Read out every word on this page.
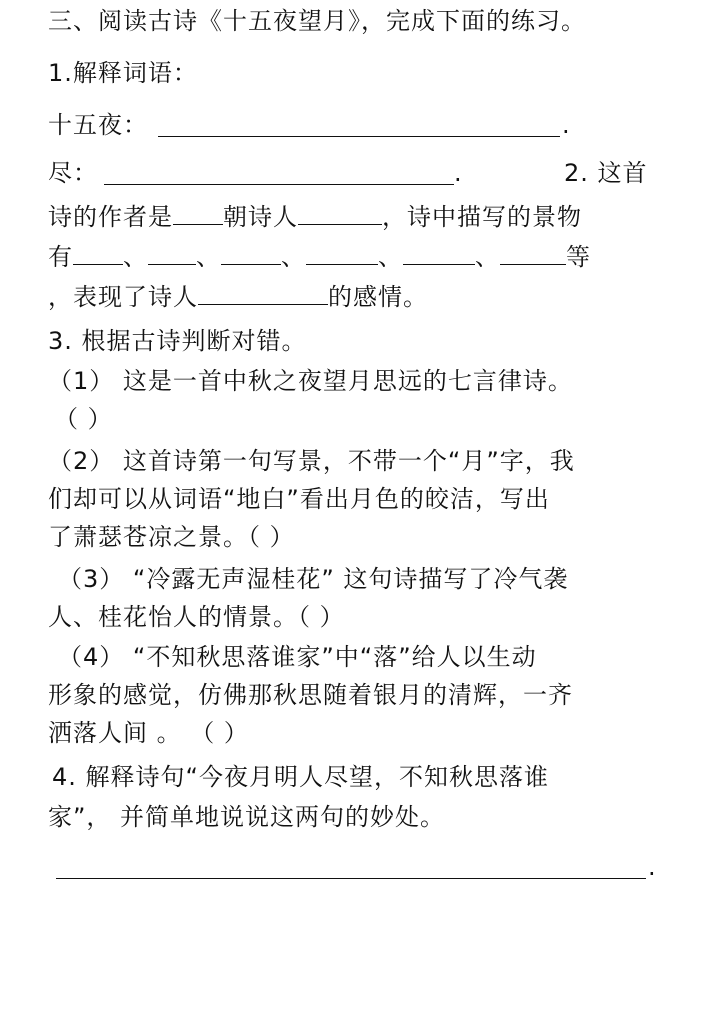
三、阅读古诗《十五夜望月》，完成下面的练习。
1.解释词语：
十五夜：	.
尽：	.	2. 这首
诗的作者是 朝诗人	，诗中描写的景物
有 、 、	、	、	、	等
，表现了诗人	的感情。
3. 根据古诗判断对错。
（1） 这是一首中秋之夜望月思远的七言律诗。
（ ）
（2） 这首诗第一句写景，不带一个“月”字，我
们却可以从词语“地白”看出月色的皎洁，写出
了萧瑟苍凉之景。（ ）
（3） “冷露无声湿桂花” 这句诗描写了冷气袭
人、桂花怡人的情景。（ ）
（4） “不知秋思落谁家”中“落”给人以生动
形象的感觉，仿佛那秋思随着银月的清辉，一齐
洒落人间 。 （ ）
4. 解释诗句“今夜月明人尽望，不知秋思落谁
家”， 并简单地说说这两句的妙处。
.
